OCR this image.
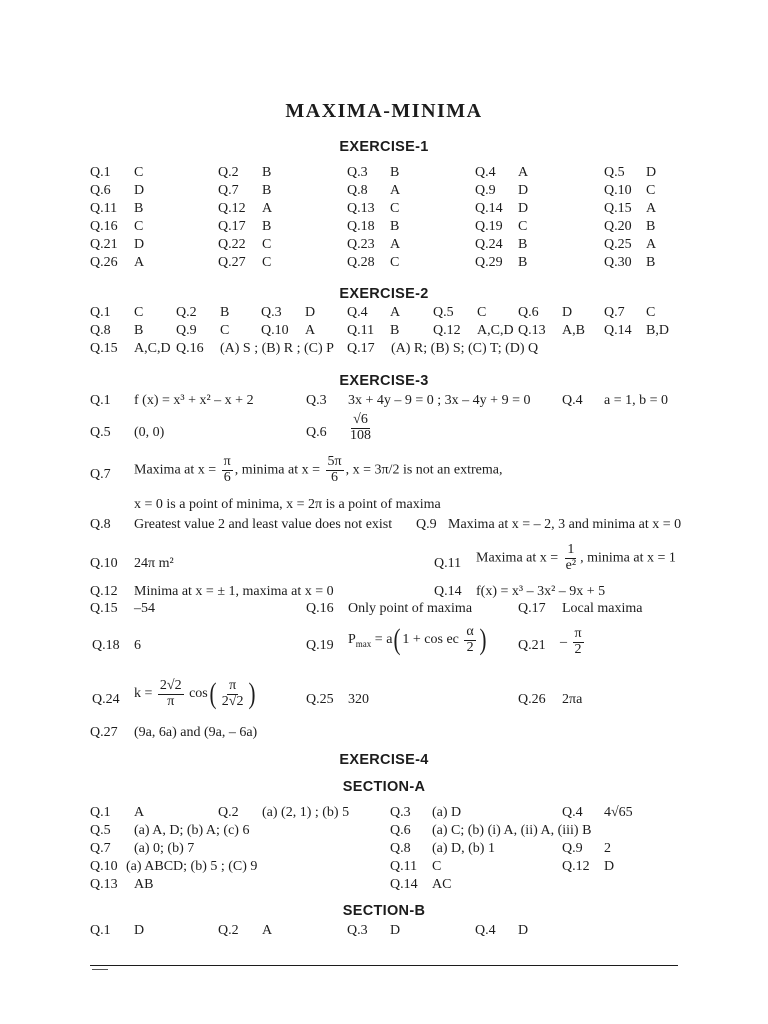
MAXIMA-MINIMA
EXERCISE-1
Q.1 C	Q.2 B	Q.3 B	Q.4 A	Q.5 D
Q.6 D	Q.7 B	Q.8 A	Q.9 D	Q.10 C
Q.11 B	Q.12 A	Q.13 C	Q.14 D	Q.15 A
Q.16 C	Q.17 B	Q.18 B	Q.19 C	Q.20 B
Q.21 D	Q.22 C	Q.23 A	Q.24 B	Q.25 A
Q.26 A	Q.27 C	Q.28 C	Q.29 B	Q.30 B
EXERCISE-2
Q.1 C Q.2 B Q.3 D Q.4 A Q.5 C Q.6 D Q.7 C
Q.8 B Q.9 C Q.10 A Q.11 B Q.12 A,C,D Q.13 A,B Q.14 B,D
Q.15 A,C,D Q.16 (A) S ; (B) R ; (C) P Q.17 (A) R; (B) S; (C) T; (D) Q
EXERCISE-3
Q.1 f (x) = x³ + x² – x + 2	Q.3 3x + 4y – 9 = 0 ; 3x – 4y + 9 = 0 Q.4 a = 1, b = 0
Q.5 (0, 0)	$Q.6 \frac{√6}{108}$
Q.7 Maxima at $x = \frac{\pi}{6}$ , minima at $x = \frac{5\pi}{6}$ , x = 3π/2 is not an extrema,
x = 0 is a point of minima, x = 2π is a point of maxima
Q.8 Greatest value 2 and least value does not exist Q.9 Maxima at x = – 2, 3 and minima at x = 0
Q.10 24π m²	Q.11 Maxima at $x = \frac{1}{\text{e²}}$ , minima at x = 1
Q.12 Minima at x = ± 1, maxima at x = 0	Q.14 f(x) = x³ – 3x² – 9x + 5
Q.15 –54	Q.16 Only point of maxima	Q.17 Local maxima
Q.18 6	Q.19 $P_{max} = a$( 1 + cos ec $\frac{\alpha}{2}$ ) $Q.21 - \frac{\pi}{2}$
Q.24 $k = \frac{2√2}{\pi} \cos( \frac{\pi}{2√2}$ )	Q.25 320	Q.26 2πa
Q.27 (9a, 6a) and (9a, – 6a)
EXERCISE-4
SECTION-A
Q.1 A	Q.2 (a) (2, 1) ; (b) 5	Q.3 (a) D	Q.4 4√65
Q.5 (a) A, D; (b) A; (c) 6	Q.6 (a) C; (b) (i) A, (ii) A, (iii) B
Q.7 (a) 0; (b) 7	Q.8 (a) D, (b) 1	Q.9 2
Q.10 (a) ABCD; (b) 5 ; (C) 9	Q.11 C	Q.12 D
Q.13 AB	Q.14 AC
SECTION-B
Q.1 D	Q.2 A	Q.3 D	Q.4 D
